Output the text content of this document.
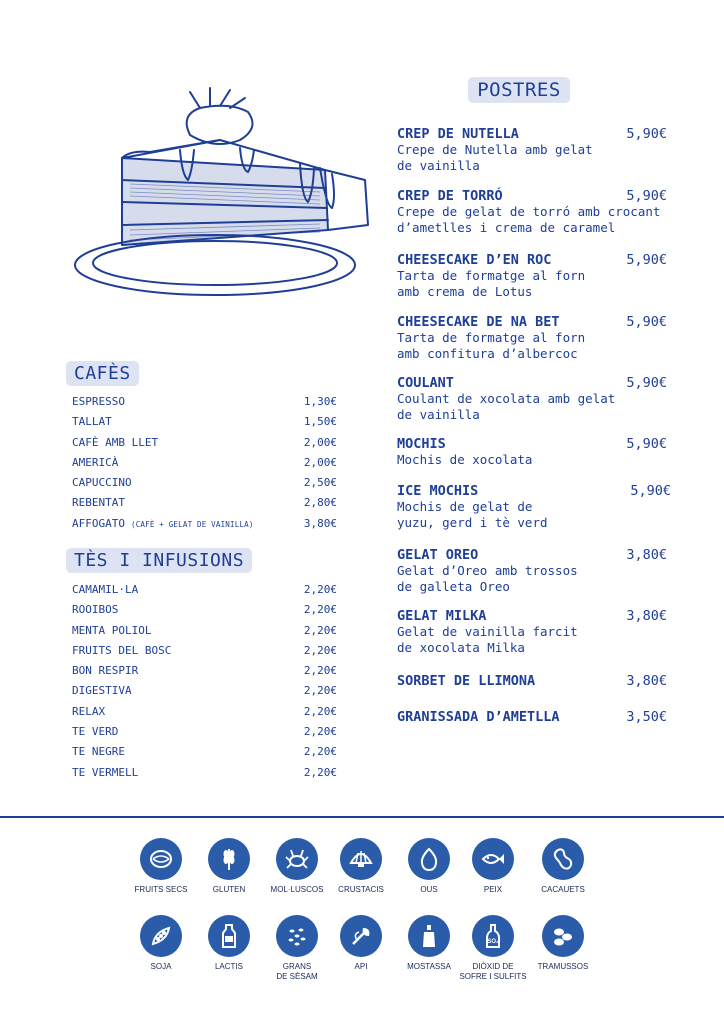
POSTRES
CAFÈS
TÈS I INFUSIONS
ESPRESSO	1,30€
TALLAT	1,50€
CAFÈ AMB LLET	2,00€
AMERICÀ	2,00€
CAPUCCINO	2,50€
REBENTAT	2,80€
AFFOGATO (CAFÈ + GELAT DE VAINILLA)	3,80€
CAMAMIL·LA	2,20€
ROOIBOS	2,20€
MENTA POLIOL	2,20€
FRUITS DEL BOSC	2,20€
BON RESPIR	2,20€
DIGESTIVA	2,20€
RELAX	2,20€
TE VERD	2,20€
TE NEGRE	2,20€
TE VERMELL	2,20€
CREP DE NUTELLA	5,90€
Crepe de Nutella amb gelat
de vainilla
CREP DE TORRÓ	5,90€
Crepe de gelat de torró amb crocant
d’ametlles i crema de caramel
CHEESECAKE D’EN ROC	5,90€
Tarta de formatge al forn
amb crema de Lotus
CHEESECAKE DE NA BET	5,90€
Tarta de formatge al forn
amb confitura d’albercoc
COULANT	5,90€
Coulant de xocolata amb gelat
de vainilla
MOCHIS	5,90€
Mochis de xocolata
ICE MOCHIS	5,90€
Mochis de gelat de
yuzu, gerd i tè verd
GELAT OREO	3,80€
Gelat d’Oreo amb trossos
de galleta Oreo
GELAT MILKA	3,80€
Gelat de vainilla farcit
de xocolata Milka
SORBET DE LLIMONA	3,80€
GRANISSADA D’AMETLLA	3,50€
FRUITS SECS	GLUTEN	MOL·LUSCOS	CRUSTACIS	OUS	PEIX	CACAUETS
SOJA	LACTIS	GRANS
DE SÈSAM
API	MOSTASSA
SO₂
DIÒXID DE
SOFRE I SULFITS
TRAMUSSOS
